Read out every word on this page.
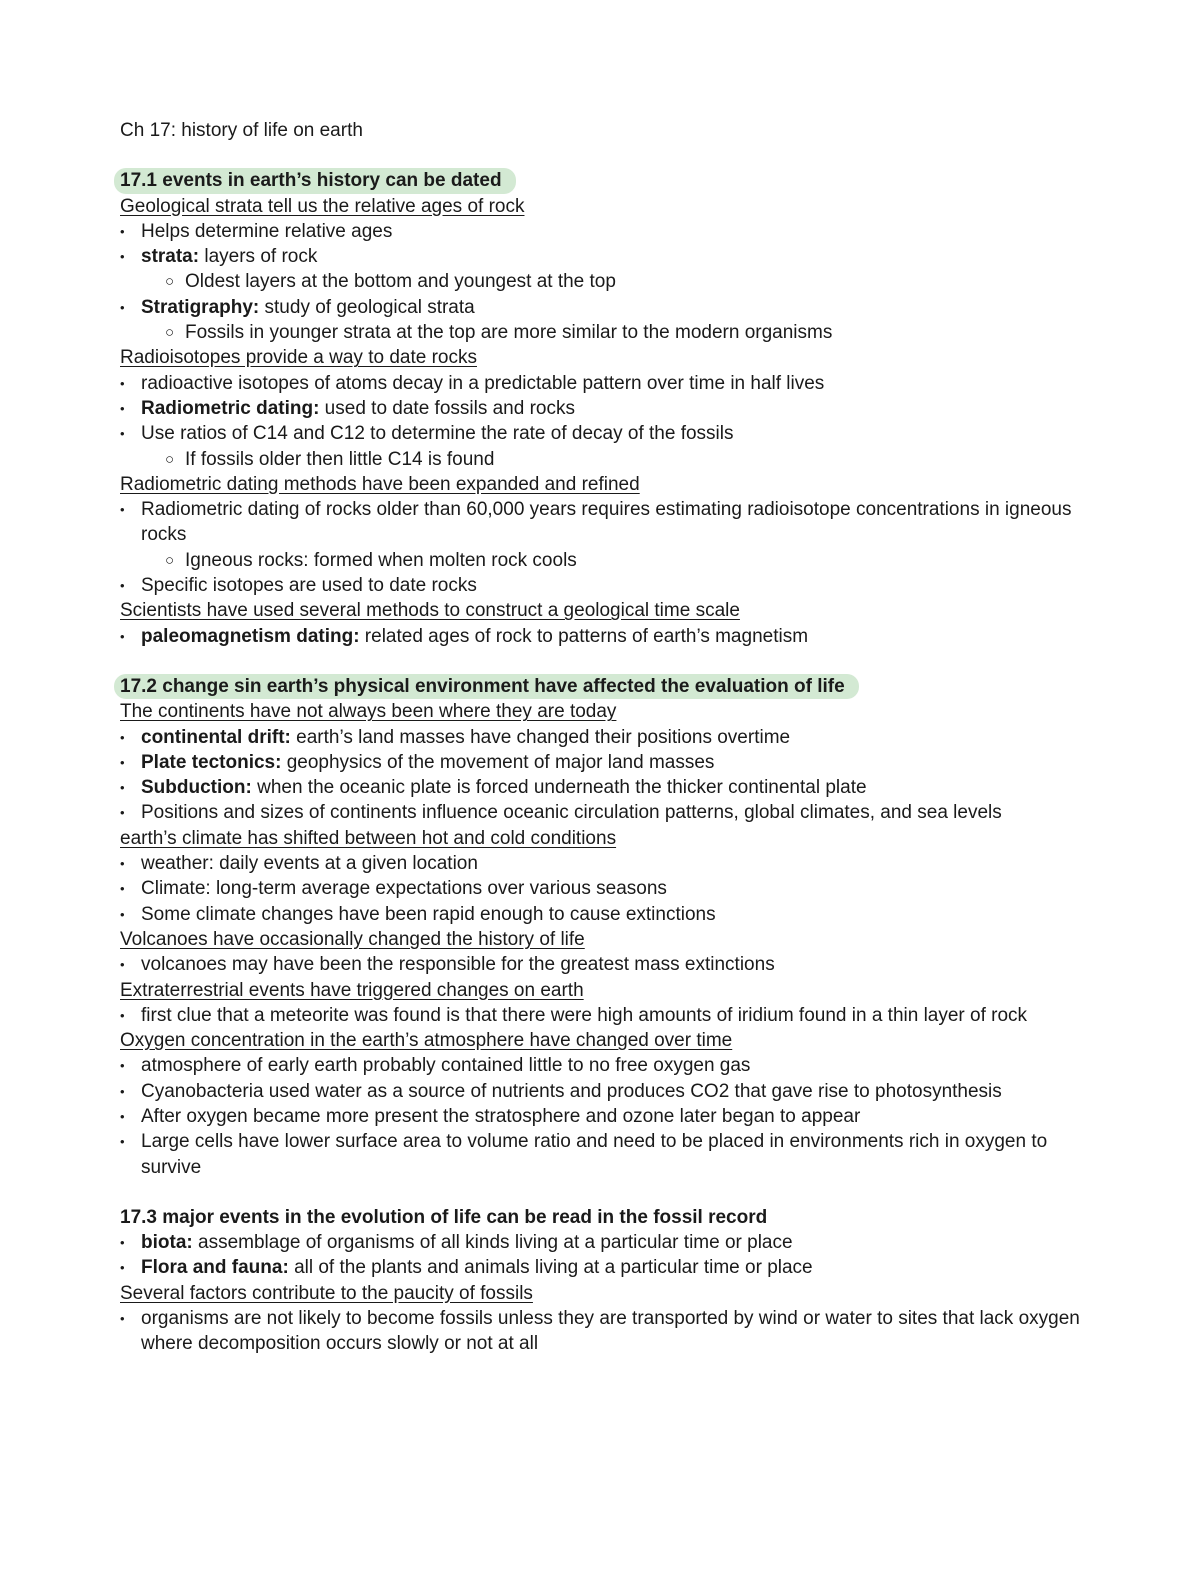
Ch 17: history of life on earth
17.1 events in earth’s history can be dated
Geological strata tell us the relative ages of rock
• Helps determine relative ages
• strata: layers of rock
○ Oldest layers at the bottom and youngest at the top
• Stratigraphy: study of geological strata
○ Fossils in younger strata at the top are more similar to the modern organisms
Radioisotopes provide a way to date rocks
• radioactive isotopes of atoms decay in a predictable pattern over time in half lives
• Radiometric dating: used to date fossils and rocks
• Use ratios of C14 and C12 to determine the rate of decay of the fossils
○ If fossils older then little C14 is found
Radiometric dating methods have been expanded and refined
• Radiometric dating of rocks older than 60,000 years requires estimating radioisotope concentrations in igneous rocks
○ Igneous rocks: formed when molten rock cools
• Specific isotopes are used to date rocks
Scientists have used several methods to construct a geological time scale
• paleomagnetism dating: related ages of rock to patterns of earth’s magnetism
17.2 change sin earth’s physical environment have affected the evaluation of life
The continents have not always been where they are today
• continental drift: earth’s land masses have changed their positions overtime
• Plate tectonics: geophysics of the movement of major land masses
• Subduction: when the oceanic plate is forced underneath the thicker continental plate
• Positions and sizes of continents influence oceanic circulation patterns, global climates, and sea levels
earth’s climate has shifted between hot and cold conditions
• weather: daily events at a given location
• Climate: long-term average expectations over various seasons
• Some climate changes have been rapid enough to cause extinctions
Volcanoes have occasionally changed the history of life
• volcanoes may have been the responsible for the greatest mass extinctions
Extraterrestrial events have triggered changes on earth
• first clue that a meteorite was found is that there were high amounts of iridium found in a thin layer of rock
Oxygen concentration in the earth’s atmosphere have changed over time
• atmosphere of early earth probably contained little to no free oxygen gas
• Cyanobacteria used water as a source of nutrients and produces CO2 that gave rise to photosynthesis
• After oxygen became more present the stratosphere and ozone later began to appear
• Large cells have lower surface area to volume ratio and need to be placed in environments rich in oxygen to survive
17.3 major events in the evolution of life can be read in the fossil record
• biota: assemblage of organisms of all kinds living at a particular time or place
• Flora and fauna: all of the plants and animals living at a particular time or place
Several factors contribute to the paucity of fossils
• organisms are not likely to become fossils unless they are transported by wind or water to sites that lack oxygen where decomposition occurs slowly or not at all
